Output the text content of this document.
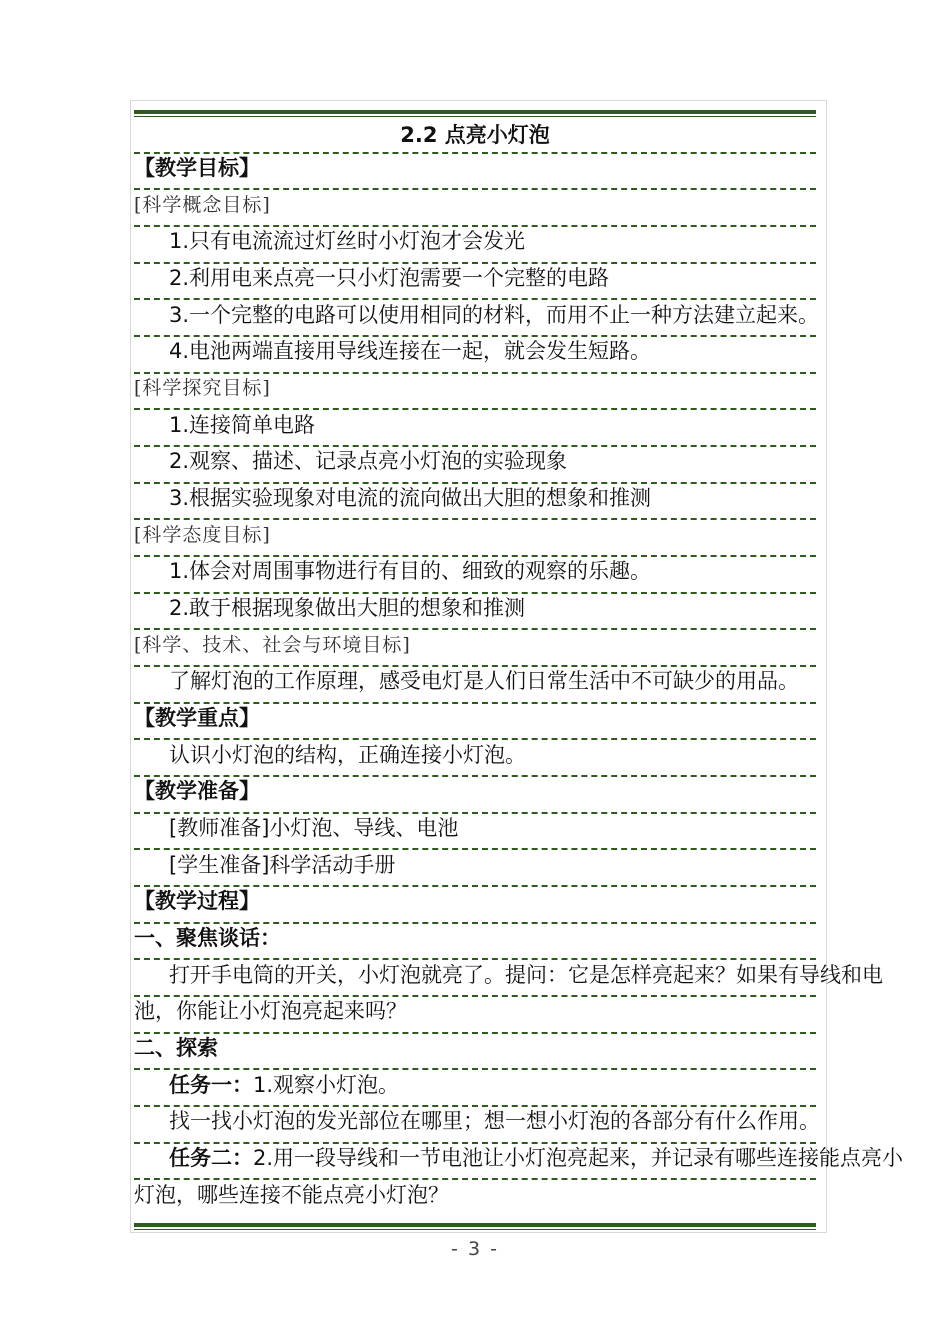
2.2 点亮小灯泡
【教学目标】
[科学概念目标]
1.只有电流流过灯丝时小灯泡才会发光
2.利用电来点亮一只小灯泡需要一个完整的电路
3.一个完整的电路可以使用相同的材料，而用不止一种方法建立起来。
4.电池两端直接用导线连接在一起，就会发生短路。
[科学探究目标]
1.连接简单电路
2.观察、描述、记录点亮小灯泡的实验现象
3.根据实验现象对电流的流向做出大胆的想象和推测
[科学态度目标]
1.体会对周围事物进行有目的、细致的观察的乐趣。
2.敢于根据现象做出大胆的想象和推测
[科学、技术、社会与环境目标]
了解灯泡的工作原理，感受电灯是人们日常生活中不可缺少的用品。
【教学重点】
认识小灯泡的结构，正确连接小灯泡。
【教学准备】
[教师准备]小灯泡、导线、电池
[学生准备]科学活动手册
【教学过程】
一、聚焦谈话：
打开手电筒的开关，小灯泡就亮了。提问：它是怎样亮起来？如果有导线和电
池，你能让小灯泡亮起来吗？
二、探索
任务一：1.观察小灯泡。
找一找小灯泡的发光部位在哪里；想一想小灯泡的各部分有什么作用。
任务二：2.用一段导线和一节电池让小灯泡亮起来，并记录有哪些连接能点亮小
灯泡，哪些连接不能点亮小灯泡？
- 3 -
